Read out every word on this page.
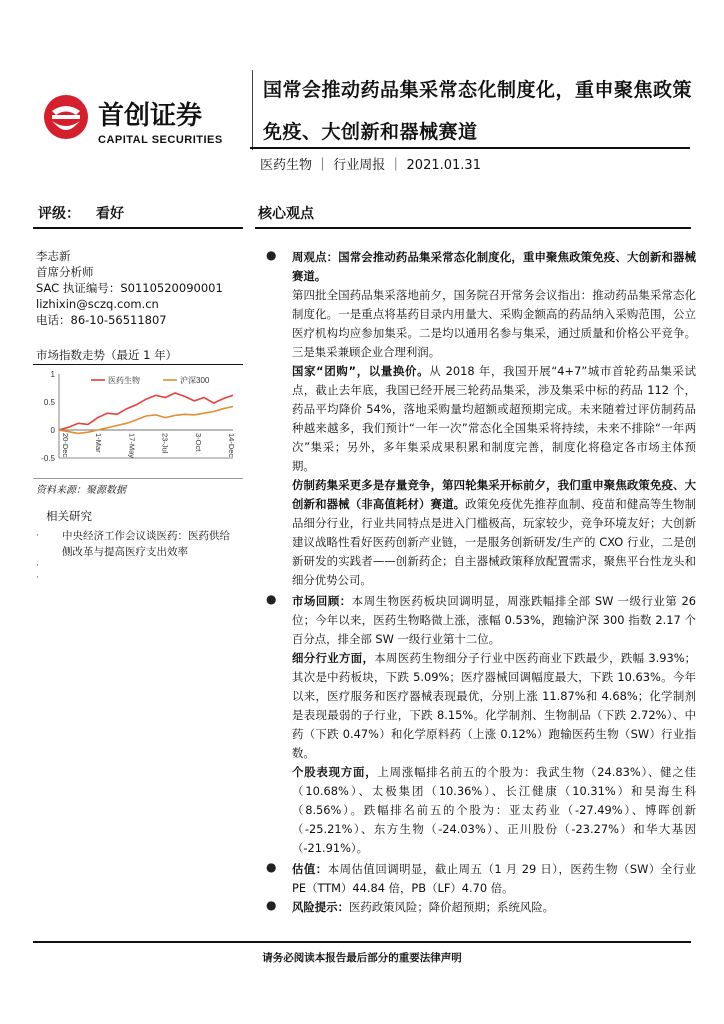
首创证券
CAPITAL SECURITIES
国常会推动药品集采常态化制度化，重申聚焦政策
免疫、大创新和器械赛道
医药生物 ｜ 行业周报 ｜ 2021.01.31
评级： 看好	核心观点
李志新
首席分析师
SAC 执证编号：S0110520090001
lizhixin@sczq.com.cn
电话：86-10-56511807
市场指数走势（最近 1 年）
1
0.5
0
-0.5
20-Dec	1-Mar	17-May	23-Jul	3-Oct	14-Dec
医药生物	沪深300
资料来源：聚源数据
相关研究
中央经济工作会议谈医药：医药供给侧改革与提高医疗支出效率
·
·
·
● 周观点：国常会推动药品集采常态化制度化，重申聚焦政策免疫、大创新和器械赛道。

第四批全国药品集采落地前夕，国务院召开常务会议指出：推动药品集采常态化制度化。一是重点将基药目录内用量大、采购金额高的药品纳入采购范围，公立医疗机构均应参加集采。二是均以通用名参与集采，通过质量和价格公平竞争。三是集采兼顾企业合理利润。

国家“团购”，以量换价。从 2018 年，我国开展“4+7”城市首轮药品集采试点，截止去年底，我国已经开展三轮药品集采，涉及集采中标的药品 112 个，药品平均降价 54%，落地采购量均超额或超预期完成。未来随着过评仿制药品种越来越多，我们预计“一年一次”常态化全国集采将持续，未来不排除“一年两次”集采；另外，多年集采成果积累和制度完善，制度化将稳定各市场主体预期。

仿制药集采更多是存量竞争，第四轮集采开标前夕，我们重申聚焦政策免疫、大创新和器械（非高值耗材）赛道。政策免疫优先推荐血制、疫苗和健高等生物制品细分行业，行业共同特点是进入门槛极高，玩家较少，竞争环境友好；大创新建议战略性看好医药创新产业链，一是服务创新研发/生产的 CXO 行业，二是创新研发的实践者——创新药企；自主器械政策释放配置需求，聚焦平台性龙头和细分优势公司。

● 市场回顾：本周生物医药板块回调明显，周涨跌幅排全部 SW 一级行业第 26 位；今年以来，医药生物略微上涨，涨幅 0.53%，跑输沪深 300 指数 2.17 个百分点，排全部 SW 一级行业第十二位。

细分行业方面，本周医药生物细分子行业中医药商业下跌最少，跌幅 3.93%；其次是中药板块，下跌 5.09%；医疗器械回调幅度最大，下跌 10.63%。今年以来，医疗服务和医疗器械表现最优，分别上涨 11.87%和 4.68%；化学制剂是表现最弱的子行业，下跌 8.15%。化学制剂、生物制品（下跌 2.72%）、中药（下跌 0.47%）和化学原料药（上涨 0.12%）跑输医药生物（SW）行业指数。

个股表现方面，上周涨幅排名前五的个股为：我武生物（24.83%）、健之佳（10.68%）、太极集团（10.36%）、长江健康（10.31%）和昊海生科（8.56%）。跌幅排名前五的个股为：亚太药业（-27.49%）、博晖创新（-25.21%）、东方生物（-24.03%）、正川股份（-23.27%）和华大基因（-21.91%）。

● 估值：本周估值回调明显，截止周五（1 月 29 日），医药生物（SW）全行业 PE（TTM）44.84 倍，PB（LF）4.70 倍。

● 风险提示：医药政策风险；降价超预期；系统风险。

请务必阅读本报告最后部分的重要法律声明
